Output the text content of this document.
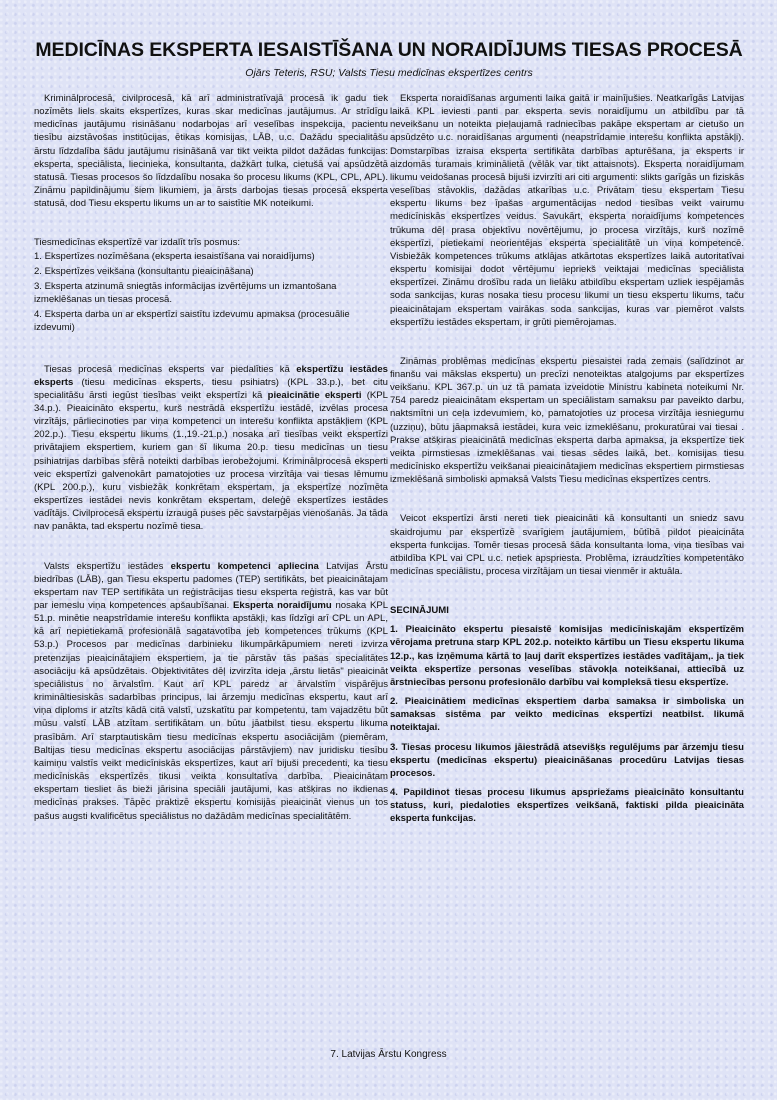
MEDICĪNAS EKSPERTA IESAISTĪŠANA UN NORAIDĪJUMS TIESAS PROCESĀ
Ojārs Teteris, RSU; Valsts Tiesu medicīnas ekspertīzes centrs

Kriminālprocesā, civilprocesā, kā arī administratīvajā procesā ik gadu tiek nozīmēts liels skaits ekspertīzes, kuras skar medicīnas jautājumus. Ar strīdīgu medicīnas jautājumu risināšanu nodarbojas arī veselības inspekcija, pacientu tiesību aizstāvošas institūcijas, ētikas komisijas, LĀB, u.c. Dažādu specialitāšu ārstu līdzdalība šādu jautājumu risināšanā var tikt veikta pildot dažādas funkcijas: eksperta, speciālista, liecinieka, konsultanta, dažkārt tulka, cietušā vai apsūdzētā statusā. Tiesas procesos šo līdzdalību nosaka šo procesu likums (KPL, CPL, APL). Zināmu papildinājumu šiem likumiem, ja ārsts darbojas tiesas procesā eksperta statusā, dod Tiesu ekspertu likums un ar to saistītie MK noteikumi.

Tiesmedicīnas ekspertīzē var izdalīt trīs posmus:

1. Ekspertīzes nozīmēšana (eksperta iesaistīšana vai noraidījums)
2. Ekspertīzes veikšana (konsultantu pieaicināšana)
3. Eksperta atzinumā sniegtās informācijas izvērtējums un izmantošana izmeklēšanas un tiesas procesā.
4. Eksperta darba un ar ekspertīzi saistītu izdevumu apmaksa (procesuālie izdevumi)

Tiesas procesā medicīnas eksperts var piedalīties kā ekspertīžu iestādes eksperts (tiesu medicīnas eksperts, tiesu psihiatrs) (KPL 33.p.), bet citu specialitāšu ārsti iegūst tiesības veikt ekspertīzi kā pieaicinātie eksperti (KPL 34.p.). Pieaicināto ekspertu, kurš nestrādā ekspertīžu iestādē, izvēlas procesa virzītājs, pārliecinoties par viņa kompetenci un interešu konflikta apstākļiem (KPL 202.p.). Tiesu ekspertu likums (1.,19.-21.p.) nosaka arī tiesības veikt ekspertīzi privātajiem ekspertiem, kuriem gan šī likuma 20.p. tiesu medicīnas un tiesu psihiatrijas darbības sfērā noteikti darbības ierobežojumi. Kriminālprocesā eksperti veic ekspertīzi galvenokārt pamatojoties uz procesa virzītāja vai tiesas lēmumu (KPL 200.p.), kuru visbiežāk konkrētam ekspertam, ja ekspertīze nozīmēta ekspertīzes iestādei nevis konkrētam ekspertam, deleģē ekspertīzes iestādes vadītājs. Civilprocesā ekspertu izraugā puses pēc savstarpējas vienošanās. Ja tāda nav panākta, tad ekspertu nozīmē tiesa.

Valsts ekspertīžu iestādes ekspertu kompetenci apliecina Latvijas Ārstu biedrības (LĀB), gan Tiesu ekspertu padomes (TEP) sertifikāts, bet pieaicinātajam ekspertam nav TEP sertifikāta un reģistrācijas tiesu eksperta reģistrā, kas var būt par iemeslu viņa kompetences apšaubīšanai. Eksperta noraidījumu nosaka KPL 51.p. minētie neapstrīdamie interešu konflikta apstākļi, kas līdzīgi arī CPL un APL, kā arī nepietiekamā profesionālā sagatavotība jeb kompetences trūkums (KPL 53.p.) Procesos par medicīnas darbinieku likumpārkāpumiem nereti izvirza pretenzijas pieaicinātajiem ekspertiem, ja tie pārstāv tās pašas specialitātes asociāciju kā apsūdzētais. Objektivitātes dēļ izvirzīta ideja „ārstu lietās" pieaicināt speciālistus no ārvalstīm. Kaut arī KPL paredz ar ārvalstīm vispārējus krimināltiesiskās sadarbības principus, lai ārzemju medicīnas ekspertu, kaut arī viņa diploms ir atzīts kādā citā valstī, uzskatītu par kompetentu, tam vajadzētu būt mūsu valstī LĀB atzītam sertifikātam un būtu jāatbilst tiesu ekspertu likuma prasībām. Arī starptautiskām tiesu medicīnas ekspertu asociācijām (piemēram, Baltijas tiesu medicīnas ekspertu asociācijas pārstāvjiem) nav juridisku tiesību kaimiņu valstīs veikt medicīniskās ekspertīzes, kaut arī bijuši precedenti, ka tiesu medicīniskās ekspertīzēs tikusi veikta konsultatīva darbība. Pieaicinātam ekspertam tiesliet ās bieži jārisina speciāli jautājumi, kas atšķiras no ikdienas medicīnas prakses. Tāpēc praktizē ekspertu komisijās pieaicināt vienus un tos pašus augsti kvalificētus speciālistus no dažādām medicīnas specialitātēm.

Eksperta noraidīšanas argumenti laika gaitā ir mainījušies. Neatkarīgās Latvijas laikā KPL ieviesti panti par eksperta sevis noraidījumu un atbildību par tā neveikšanu un noteikta pieļaujamā radniecības pakāpe ekspertam ar cietušo un apsūdzēto u.c. noraidīšanas argumenti (neapstrīdamie interešu konflikta apstākļi). Domstarpības izraisa eksperta sertifikāta darbības apturēšana, ja eksperts ir aizdomās turamais kriminālietā (vēlāk var tikt attaisnots). Eksperta noraidījumam likumu veidošanas procesā bijuši izvirzīti ari citi argumenti: slikts garīgās un fiziskās veselības stāvoklis, dažādas atkarības u.c. Privātam tiesu ekspertam Tiesu ekspertu likums bez īpašas argumentācijas nedod tiesības veikt vairumu medicīniskās ekspertīzes veidus. Savukārt, eksperta noraidījums kompetences trūkuma dēļ prasa objektīvu novērtējumu, jo procesa virzītājs, kurš nozīmē ekspertīzi, pietiekami neorientējas eksperta specialitātē un viņa kompetencē. Visbiežāk kompetences trūkums atklājas atkārtotas ekspertīzes laikā autoritatīvai ekspertu komisijai dodot vērtējumu iepriekš veiktajai medicīnas speciālista ekspertīzei. Zināmu drošību rada un lielāku atbildību ekspertam uzliek iespējamās soda sankcijas, kuras nosaka tiesu procesu likumi un tiesu ekspertu likums, taču pieaicinātajam ekspertam vairākas soda sankcijas, kuras var piemērot valsts ekspertīžu iestādes ekspertam, ir grūti piemērojamas.

Zināmas problēmas medicīnas ekspertu piesaistei rada zemais (salīdzinot ar finanšu vai mākslas ekspertu) un precīzi nenoteiktas atalgojums par ekspertīzes veikšanu. KPL 367.p. un uz tā pamata izveidotie Ministru kabineta noteikumi Nr. 754 paredz pieaicinātam ekspertam un speciālistam samaksu par paveikto darbu, naktsmītni un ceļa izdevumiem, ko, pamatojoties uz procesa virzītāja iesniegumu (uzziņu), būtu jāapmaksā iestādei, kura veic izmeklēšanu, prokuratūrai vai tiesai . Prakse atšķiras pieaicinātā medicīnas eksperta darba apmaksa, ja ekspertīze tiek veikta pirmstiesas izmeklēšanas vai tiesas sēdes laikā, bet. komisijas tiesu medicīnisko ekspertīžu veikšanai pieaicinātajiem medicīnas ekspertiem pirmstiesas izmeklēšanā simboliski apmaksā Valsts Tiesu medicīnas ekspertīzes centrs.

Veicot ekspertīzi ārsti nereti tiek pieaicināti kā konsultanti un sniedz savu skaidrojumu par ekspertīzē svarīgiem jautājumiem, būtībā pildot pieaicināta eksperta funkcijas. Tomēr tiesas procesā šāda konsultanta loma, viņa tiesības vai atbildība KPL vai CPL u.c. netiek apspriesta. Problēma, izraudzīties kompetentāko medicīnas speciālistu, procesa virzītājam un tiesai vienmēr ir aktuāla.

SECINĀJUMI

1. Pieaicināto ekspertu piesaistē komisijas medicīniskajām ekspertīzēm vērojama pretruna starp KPL 202.p. noteikto kārtību un Tiesu ekspertu likuma 12.p., kas izņēmuma kārtā to ļauj darīt ekspertīzes iestādes vadītājam,. ja tiek veikta ekspertīze personas veselības stāvokļa noteikšanai, attiecībā uz ārstniecības personu profesionālo darbību vai kompleksā tiesu ekspertīze.

2. Pieaicinātiem medicīnas ekspertiem darba samaksa ir simboliska un samaksas sistēma par veikto medicīnas ekspertīzi neatbilst. likumā noteiktajai.

3. Tiesas procesu likumos jāiestrādā atsevišķs regulējums par ārzemju tiesu ekspertu (medicīnas ekspertu) pieaicināšanas procedūru Latvijas tiesas procesos.

4. Papildinot tiesas procesu likumus apspriežams pieaicināto konsultantu statuss, kuri, piedaloties ekspertīzes veikšanā, faktiski pilda pieaicināta eksperta funkcijas.

7. Latvijas Ārstu Kongress
